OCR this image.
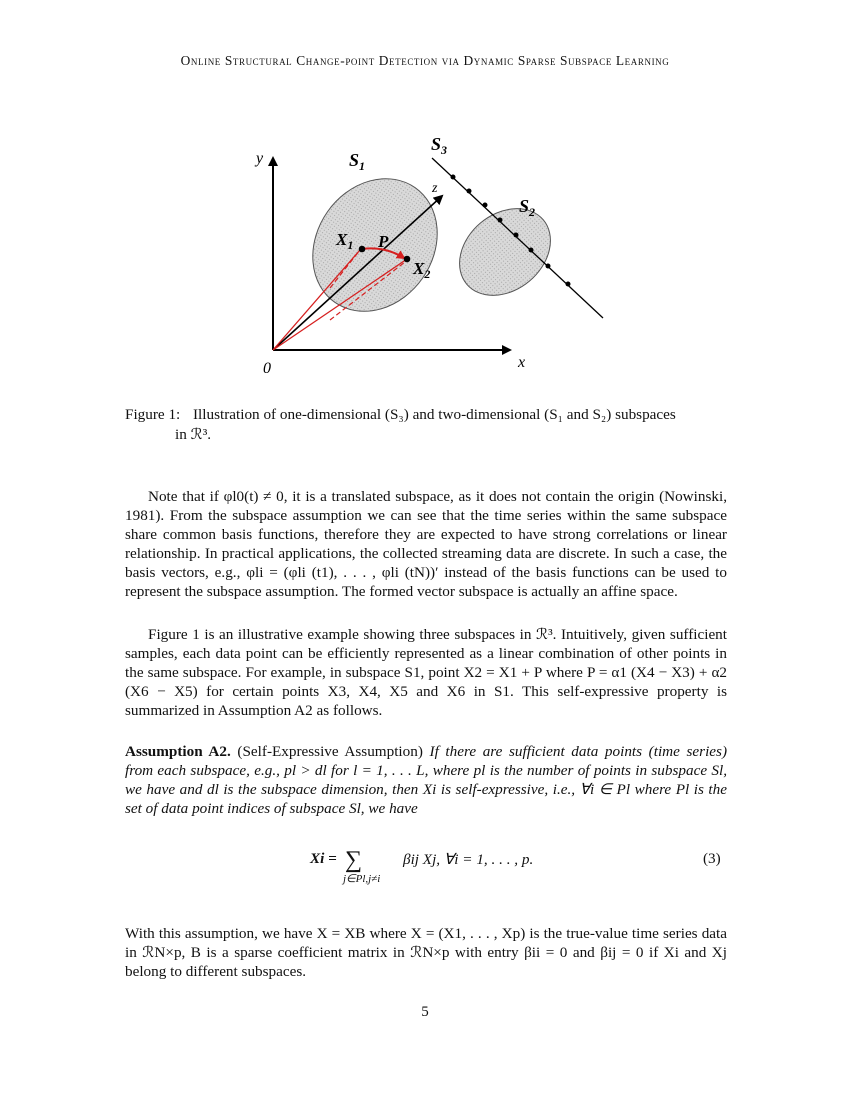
Online Structural Change-point Detection via Dynamic Sparse Subspace Learning
y
x
z
0
$S_1$
$S_2$
$S_3$
$X_1$ P
$X_2$
Figure 1: Illustration of one-dimensional (S₃) and two-dimensional (S₁ and S₂) subspaces
in ℛ³.

Note that if φl0(t) ≠ 0, it is a translated subspace, as it does not contain the origin (Nowinski, 1981). From the subspace assumption we can see that the time series within the same subspace share common basis functions, therefore they are expected to have strong correlations or linear relationship. In practical applications, the collected streaming data are discrete. In such a case, the basis vectors, e.g., φli = (φli (t1), . . . , φli (tN))′ instead of the basis functions can be used to represent the subspace assumption. The formed vector subspace is actually an affine space.

Figure 1 is an illustrative example showing three subspaces in ℛ³. Intuitively, given sufficient samples, each data point can be efficiently represented as a linear combination of other points in the same subspace. For example, in subspace S1, point X2 = X1 + P where P = α1 (X4 − X3) + α2 (X6 − X5) for certain points X3, X4, X5 and X6 in S1. This self-expressive property is summarized in Assumption A2 as follows.

Assumption A2. (Self-Expressive Assumption) If there are sufficient data points (time series) from each subspace, e.g., pl > dl for l = 1, . . . L, where pl is the number of points in subspace Sl, we have and dl is the subspace dimension, then Xi is self-expressive, i.e., ∀i ∈ Pl where Pl is the set of data point indices of subspace Sl, we have

Xi = ∑
j∈Pl,j≠i
βij Xj, ∀i = 1, . . . , p.	(3)

With this assumption, we have X = XB where X = (X1, . . . , Xp) is the true-value time series data in ℛN×p, B is a sparse coefficient matrix in ℛN×p with entry βii = 0 and βij = 0 if Xi and Xj belong to different subspaces.

5
